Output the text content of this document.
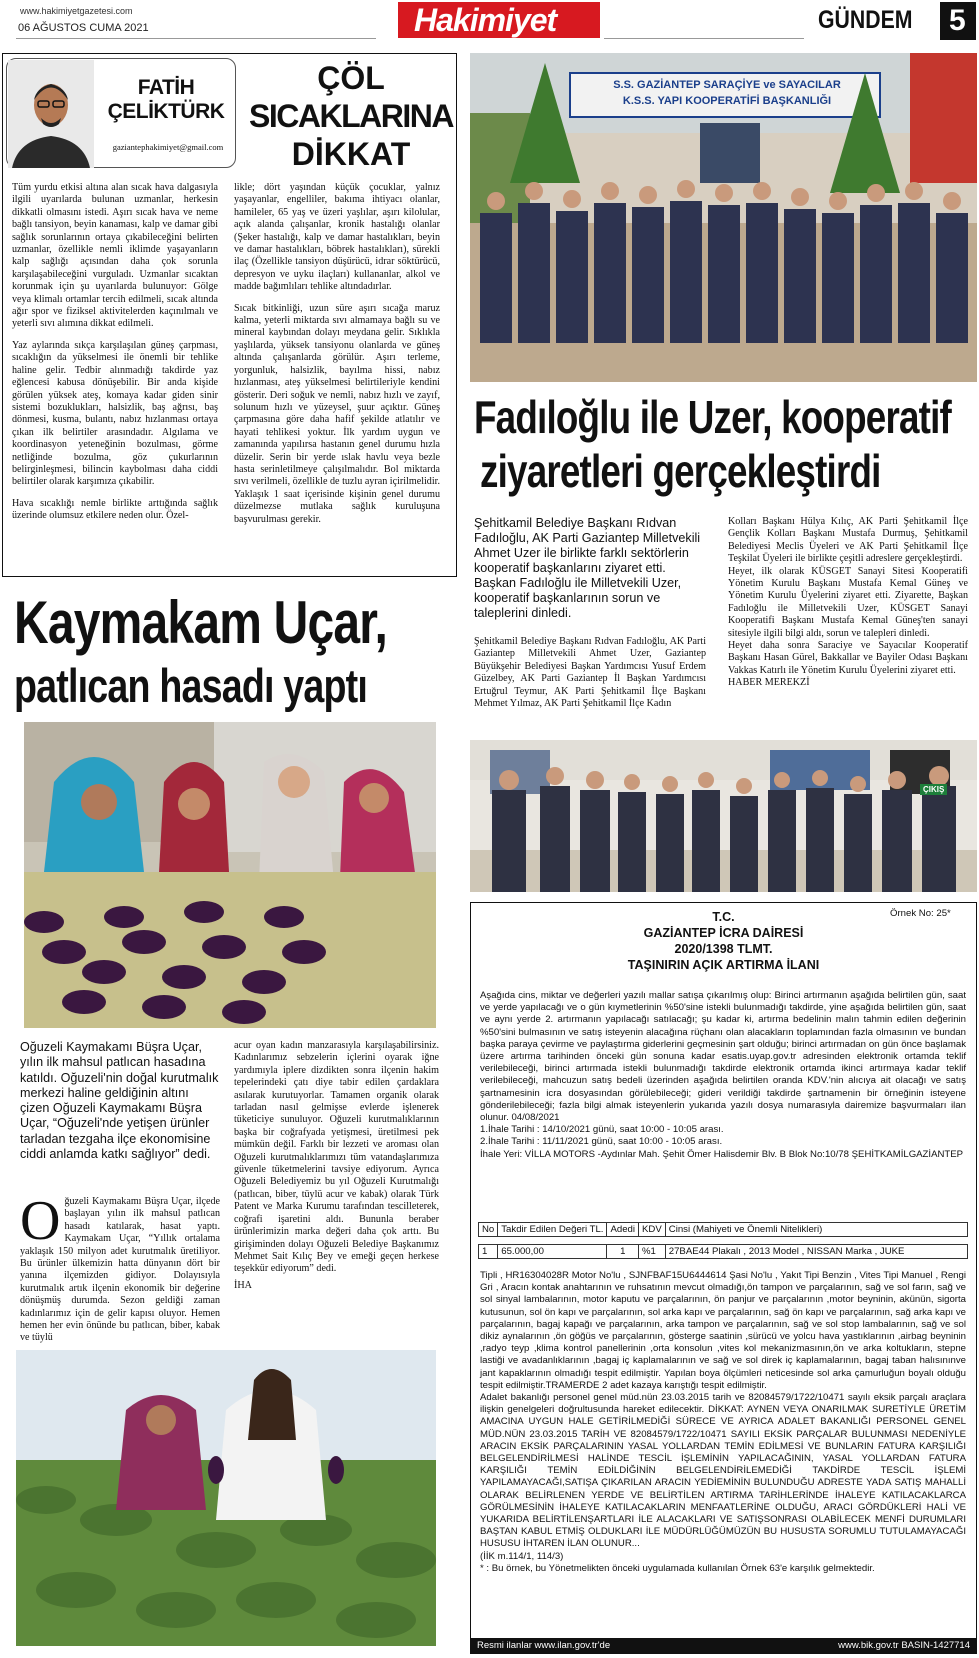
www.hakimiyetgazetesi.com
06 AĞUSTOS CUMA 2021	Hakimiyet	GÜNDEM 5
FATİH
ÇELİKTÜRK
gaziantephakimiyet@gmail.com
ÇÖL
SICAKLARINA
DİKKAT

Tüm yurdu etkisi altına alan sıcak hava dalgasıyla ilgili uyarılarda bulunan uzmanlar, herkesin dikkatli olmasını istedi. Aşırı sıcak hava ve neme bağlı tansiyon, beyin kanaması, kalp ve damar gibi sağlık sorunlarının ortaya çıkabileceğini belirten uzmanlar, özellikle nemli iklimde yaşayanların kalp sağlığı açısından daha çok sorunla karşılaşabileceğini vurguladı. Uzmanlar sıcaktan korunmak için şu uyarılarda bulunuyor: Gölge veya klimalı ortamlar tercih edilmeli, sıcak altında ağır spor ve fiziksel aktivitelerden kaçınılmalı ve yeterli sıvı alımına dikkat edilmeli.

Yaz aylarında sıkça karşılaşılan güneş çarpması, sıcaklığın da yükselmesi ile önemli bir tehlike haline gelir. Tedbir alınmadığı takdirde yaz eğlencesi kabusa dönüşebilir. Bir anda kişide görülen yüksek ateş, komaya kadar giden sinir sistemi bozuklukları, halsizlik, baş ağrısı, baş dönmesi, kusma, bulantı, nabız hızlanması ortaya çıkan ilk belirtiler arasındadır. Algılama ve koordinasyon yeteneğinin bozulması, görme netliğinde bozulma, göz çukurlarının belirginleşmesi, bilincin kaybolması daha ciddi belirtiler olarak karşımıza çıkabilir.

Hava sıcaklığı nemle birlikte arttığında sağlık üzerinde olumsuz etkilere neden olur. Özel-

likle; dört yaşından küçük çocuklar, yalnız yaşayanlar, engelliler, bakıma ihtiyacı olanlar, hamileler, 65 yaş ve üzeri yaşlılar, aşırı kilolular, açık alanda çalışanlar, kronik hastalığı olanlar (Şeker hastalığı, kalp ve damar hastalıkları, beyin ve damar hastalıkları, böbrek hastalıkları), sürekli ilaç (Özellikle tansiyon düşürücü, idrar söktürücü, depresyon ve uyku ilaçları) kullananlar, alkol ve madde bağımlıları tehlike altındadırlar.

Sıcak bitkinliği, uzun süre aşırı sıcağa maruz kalma, yeterli miktarda sıvı almamaya bağlı su ve mineral kaybından dolayı meydana gelir. Sıklıkla yaşlılarda, yüksek tansiyonu olanlarda ve güneş altında çalışanlarda görülür. Aşırı terleme, yorgunluk, halsizlik, bayılma hissi, nabız hızlanması, ateş yükselmesi belirtileriyle kendini gösterir. Deri soğuk ve nemli, nabız hızlı ve zayıf, solunum hızlı ve yüzeysel, şuur açıktır. Güneş çarpmasına göre daha hafif şekilde atlatılır ve hayati tehlikesi yoktur. İlk yardım uygun ve zamanında yapılırsa hastanın genel durumu hızla düzelir. Serin bir yerde ıslak havlu veya bezle hasta serinletilmeye çalışılmalıdır. Bol miktarda sıvı verilmeli, özellikle de tuzlu ayran içirilmelidir. Yaklaşık 1 saat içerisinde kişinin genel durumu düzelmezse mutlaka sağlık kuruluşuna başvurulması gerekir.

S.S. GAZİANTEP SARAÇİYE ve SAYACILAR
K.S.S. YAPI KOOPERATİFİ BAŞKANLIĞI
Fadıloğlu ile Uzer, kooperatif
ziyaretleri gerçekleştirdi
Şehitkamil Belediye Başkanı Rıdvan Fadıloğlu, AK Parti Gaziantep Milletvekili Ahmet Uzer ile birlikte farklı sektörlerin kooperatif başkanlarını ziyaret etti. Başkan Fadıloğlu ile Milletvekili Uzer, kooperatif başkanlarının sorun ve taleplerini dinledi.

Şehitkamil Belediye Başkanı Rıdvan Fadıloğlu, AK Parti Gaziantep Milletvekili Ahmet Uzer, Gaziantep Büyükşehir Belediyesi Başkan Yardımcısı Yusuf Erdem Güzelbey, AK Parti Gaziantep İl Başkan Yardımcısı Ertuğrul Teymur, AK Parti Şehitkamil İlçe Başkanı Mehmet Yılmaz, AK Parti Şehitkamil İlçe Kadın

Kolları Başkanı Hülya Kılıç, AK Parti Şehitkamil İlçe Gençlik Kolları Başkanı Mustafa Durmuş, Şehitkamil Belediyesi Meclis Üyeleri ve AK Parti Şehitkamil İlçe Teşkilat Üyeleri ile birlikte çeşitli adreslere gerçekleştirdi.

Heyet, ilk olarak KÜSGET Sanayi Sitesi Kooperatifi Yönetim Kurulu Başkanı Mustafa Kemal Güneş ve Yönetim Kurulu Üyelerini ziyaret etti. Ziyarette, Başkan Fadıloğlu ile Milletvekili Uzer, KÜSGET Sanayi Kooperatifi Başkanı Mustafa Kemal Güneş'ten sanayi sitesiyle ilgili bilgi aldı, sorun ve talepleri dinledi.

Heyet daha sonra Saraciye ve Sayacılar Kooperatif Başkanı Hasan Gürel, Bakkallar ve Bayiler Odası Başkanı Vakkas Katırlı ile Yönetim Kurulu Üyelerini ziyaret etti.

HABER MEREKZİ

ÇIKIŞ
Kaymakam Uçar,
patlıcan hasadı yaptı
Oğuzeli Kaymakamı Büşra Uçar, yılın ilk mahsul patlıcan hasadına katıldı. Oğuzeli'nin doğal kurutmalık merkezi haline geldiğinin altını çizen Oğuzeli Kaymakamı Büşra Uçar, “Oğuzeli'nde yetişen ürünler tarladan tezgaha ilçe ekonomisine ciddi anlamda katkı sağlıyor” dedi.
O ğuzeli Kaymakamı Büşra Uçar, ilçede başlayan yılın ilk mahsul patlıcan hasadı katılarak, hasat yaptı. Kaymakam Uçar, “Yıllık ortalama yaklaşık 150 milyon adet kurutmalık üretiliyor. Bu ürünler ülkemizin hatta dünyanın dört bir yanına ilçemizden gidiyor. Dolayısıyla kurutmalık artık ilçenin ekonomik bir değerine dönüşmüş durumda. Sezon geldiği zaman kadınlarımız için de gelir kapısı oluyor. Hemen hemen her evin önünde bu patlıcan, biber, kabak ve tüylü

acur oyan kadın manzarasıyla karşılaşabilirsiniz. Kadınlarımız sebzelerin içlerini oyarak iğne yardımıyla iplere dizdikten sonra ilçenin hakim tepelerindeki çatı diye tabir edilen çardaklara asılarak kurutuyorlar. Tamamen organik olarak tarladan nasıl gelmişse evlerde işlenerek tüketiciye sunuluyor. Oğuzeli kurutmalıklarının başka bir coğrafyada yetişmesi, üretilmesi pek mümkün değil. Farklı bir lezzeti ve aroması olan Oğuzeli kurutmalıklarımızı tüm vatandaşlarımıza güvenle tüketmelerini tavsiye ediyorum. Ayrıca Oğuzeli Belediyemiz bu yıl Oğuzeli Kurutmalığı (patlıcan, biber, tüylü acur ve kabak) olarak Türk Patent ve Marka Kurumu tarafından tescilleterek, coğrafi işaretini aldı. Bununla beraber ürünlerimizin marka değeri daha çok arttı. Bu girişiminden dolayı Oğuzeli Belediye Başkanımız Mehmet Sait Kılıç Bey ve emeği geçen herkese teşekkür ediyorum” dedi.

İHA

Örnek No: 25*
T.C.
GAZİANTEP İCRA DAİRESİ
2020/1398 TLMT.
TAŞINIRIN AÇIK ARTIRMA İLANI

Aşağıda cins, miktar ve değerleri yazılı mallar satışa çıkarılmış olup: Birinci artırmanın aşağıda belirtilen gün, saat ve yerde yapılacağı ve o gün kıymetlerinin %50'sine istekli bulunmadığı takdirde, yine aşağıda belirtilen gün, saat ve aynı yerde 2. artırmanın yapılacağı satılacağı; şu kadar ki, artırma bedelinin malın tahmin edilen değerinin %50'sini bulmasının ve satış isteyenin alacağına rüçhanı olan alacakların toplamından fazla olmasının ve bundan başka paraya çevirme ve paylaştırma giderlerini geçmesinin şart olduğu; birinci artırmadan on gün önce başlamak üzere artırma tarihinden önceki gün sonuna kadar esatis.uyap.gov.tr adresinden elektronik ortamda teklif verilebileceği, birinci artırmada istekli bulunmadığı takdirde elektronik ortamda ikinci artırmaya kadar teklif verilebileceği, mahcuzun satış bedeli üzerinden aşağıda belirtilen oranda KDV.'nin alıcıya ait olacağı ve satış şartnamesinin icra dosyasından görülebileceği; gideri verildiği takdirde şartnamenin bir örneğinin isteyene gönderilebileceği; fazla bilgi almak isteyenlerin yukarıda yazılı dosya numarasıyla dairemize başvurmaları ilan olunur. 04/08/2021

1.İhale Tarihi : 14/10/2021 günü, saat 10:00 - 10:05 arası.

2.İhale Tarihi : 11/11/2021 günü, saat 10:00 - 10:05 arası.

İhale Yeri: VİLLA MOTORS -Aydınlar Mah. Şehit Ömer Halisdemir Blv. B Blok No:10/78 ŞEHİTKAMİLGAZİANTEP

No	Takdir Edilen Değeri TL.	Adedi	KDV	Cinsi (Mahiyeti ve Önemli Nitelikleri)

1	65.000,00	1	%1	27BAE44 Plakalı , 2013 Model , NISSAN Marka , JUKE

Tipli , HR16304028R Motor No'lu , SJNFBAF15U6444614 Şasi No'lu , Yakıt Tipi Benzin , Vites Tipi Manuel , Rengi Gri , Aracın kontak anahtarının ve ruhsatının mevcut olmadığı,ön tampon ve parçalarının, sağ ve sol farın, sağ ve sol sinyal lambalarının, motor kaputu ve parçalarının, ön panjur ve parçalarının ,motor beyninin, akünün, sigorta kutusunun, sol ön kapı ve parçalarının, sol arka kapı ve parçalarının, sağ ön kapı ve parçalarının, sağ arka kapı ve parçalarının, bagaj kapağı ve parçalarının, arka tampon ve parçalarının, sağ ve sol stop lambalarının, sağ ve sol dikiz aynalarının ,ön göğüs ve parçalarının, gösterge saatinin ,sürücü ve yolcu hava yastıklarının ,airbag beyninin ,radyo teyp ,klima kontrol panellerinin ,orta konsolun ,vites kol mekanizmasının,ön ve arka koltukların, stepne lastiği ve avadanlıklarının ,bagaj iç kaplamalarının ve sağ ve sol direk iç kaplamalarının, bagaj taban halısınınve jant kapaklarının olmadığı tespit edilmiştir. Yapılan boya ölçümleri neticesinde sol arka çamurluğun boyalı olduğu tespit edilmiştir.TRAMERDE 2 adet kazaya karıştığı tespit edilmiştir.

Adalet bakanlığı personel genel müd.nün 23.03.2015 tarih ve 82084579/1722/10471 sayılı eksik parçalı araçlara ilişkin genelgeleri doğrultusunda hareket edilecektir. DİKKAT: AYNEN VEYA ONARILMAK SURETİYLE ÜRETİM AMACINA UYGUN HALE GETİRİLMEDİĞİ SÜRECE VE AYRICA ADALET BAKANLIĞI PERSONEL GENEL MÜD.NÜN 23.03.2015 TARİH VE 82084579/1722/10471 SAYILI EKSİK PARÇALAR BULUNMASI NEDENİYLE ARACIN EKSİK PARÇALARININ YASAL YOLLARDAN TEMİN EDİLMESİ VE BUNLARIN FATURA KARŞILIĞI BELGELENDİRİLMESİ HALİNDE TESCİL İŞLEMİNİN YAPILACAĞININ, YASAL YOLLARDAN FATURA KARŞILIĞI TEMİN EDİLDİĞİNİN BELGELENDİRİLEMEDİĞİ TAKDİRDE TESCİL İŞLEMİ YAPILAMAYACAĞI,SATIŞA ÇIKARILAN ARACIN YEDİEMİNİN BULUNDUĞU ADRESTE YADA SATIŞ MAHALLİ OLARAK BELİRLENEN YERDE VE BELİRTİLEN ARTIRMA TARİHLERİNDE İHALEYE KATILACAKLARCA GÖRÜLMESİNİN İHALEYE KATILACAKLARIN MENFAATLERİNE OLDUĞU, ARACI GÖRDÜKLERİ HALİ VE YUKARIDA BELİRTİLENŞARTLARI İLE ALACAKLARI VE SATIŞSONRASI OLABİLECEK MENFİ DURUMLARI BAŞTAN KABUL ETMİŞ OLDUKLARI İLE MÜDÜRLÜĞÜMÜZÜN BU HUSUSTA SORUMLU TUTULAMAYACAĞI HUSUSU İHTAREN İLAN OLUNUR...

(İİK m.114/1, 114/3)

* : Bu örnek, bu Yönetmelikten önceki uygulamada kullanılan Örnek 63'e karşılık gelmektedir.

Resmi ilanlar www.ilan.gov.tr'de	www.bik.gov.tr BASIN-1427714
